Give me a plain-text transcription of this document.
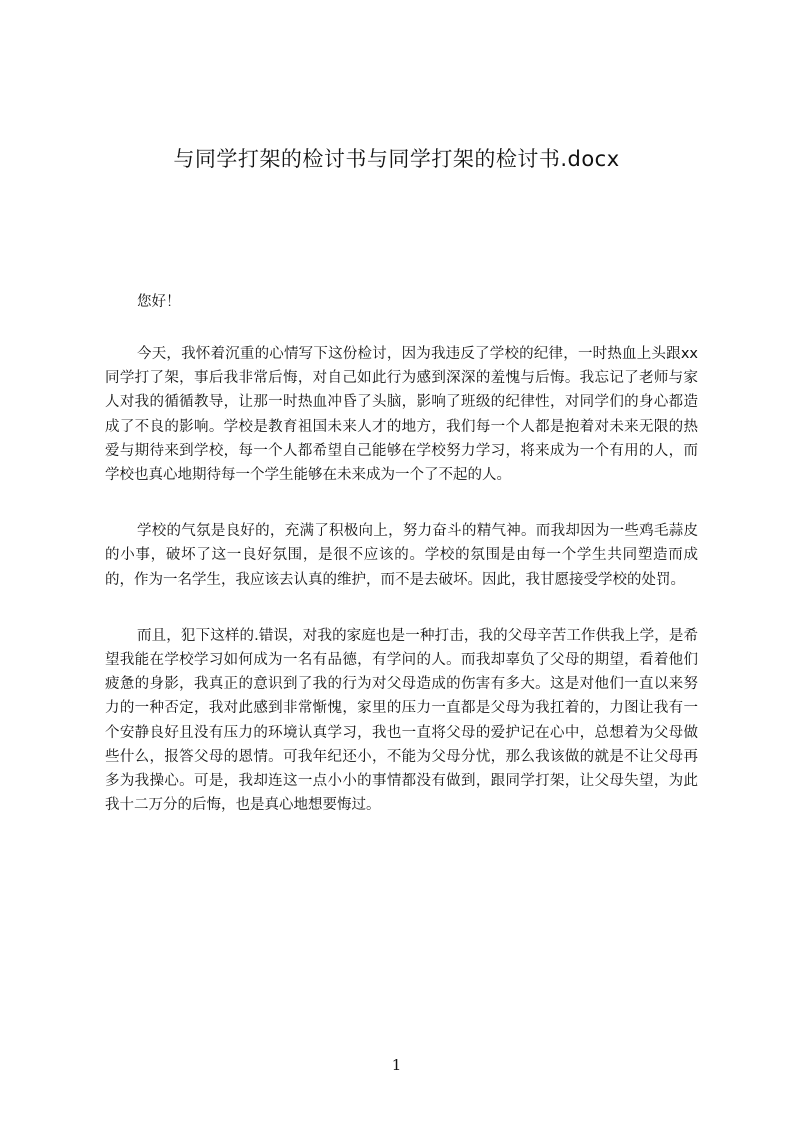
与同学打架的检讨书与同学打架的检讨书.docx
您好！

今天，我怀着沉重的心情写下这份检讨，因为我违反了学校的纪律，一时热血上头跟xx同学打了架，事后我非常后悔，对自己如此行为感到深深的羞愧与后悔。我忘记了老师与家人对我的循循教导，让那一时热血冲昏了头脑，影响了班级的纪律性，对同学们的身心都造成了不良的影响。学校是教育祖国未来人才的地方，我们每一个人都是抱着对未来无限的热爱与期待来到学校，每一个人都希望自己能够在学校努力学习，将来成为一个有用的人，而学校也真心地期待每一个学生能够在未来成为一个了不起的人。

学校的气氛是良好的，充满了积极向上，努力奋斗的精气神。而我却因为一些鸡毛蒜皮的小事，破坏了这一良好氛围，是很不应该的。学校的氛围是由每一个学生共同塑造而成的，作为一名学生，我应该去认真的维护，而不是去破坏。因此，我甘愿接受学校的处罚。

而且，犯下这样的.错误，对我的家庭也是一种打击，我的父母辛苦工作供我上学，是希望我能在学校学习如何成为一名有品德，有学问的人。而我却辜负了父母的期望，看着他们疲惫的身影，我真正的意识到了我的行为对父母造成的伤害有多大。这是对他们一直以来努力的一种否定，我对此感到非常惭愧，家里的压力一直都是父母为我扛着的，力图让我有一个安静良好且没有压力的环境认真学习，我也一直将父母的爱护记在心中，总想着为父母做些什么，报答父母的恩情。可我年纪还小，不能为父母分忧，那么我该做的就是不让父母再多为我操心。可是，我却连这一点小小的事情都没有做到，跟同学打架，让父母失望，为此我十二万分的后悔，也是真心地想要悔过。

1
